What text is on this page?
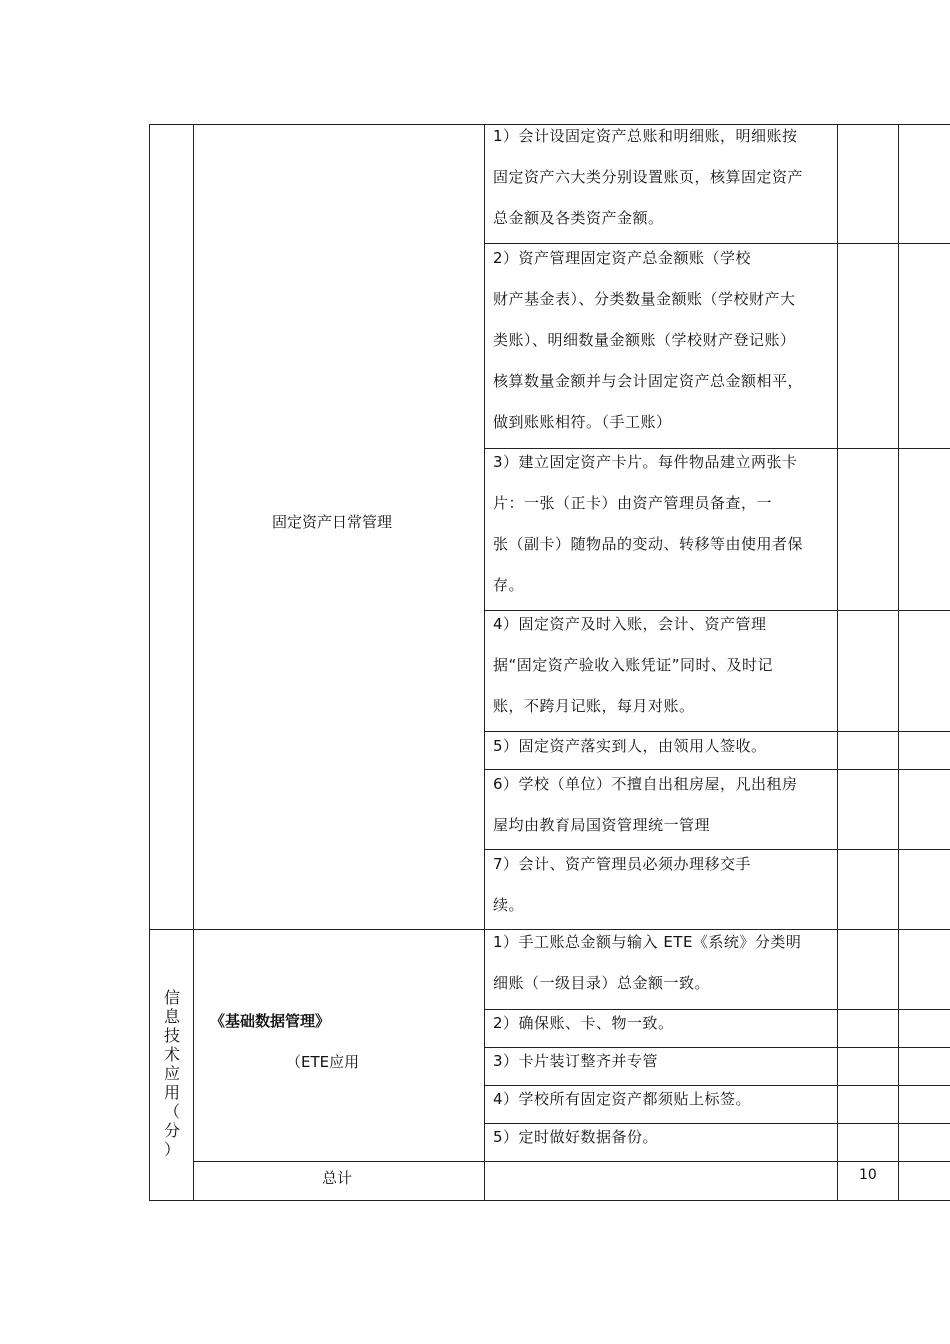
固定资产日常管理
1）会计设固定资产总账和明细账，明细账按
固定资产六大类分别设置账页，核算固定资产
总金额及各类资产金额。
2）资产管理固定资产总金额账（学校
财产基金表）、分类数量金额账（学校财产大
类账）、明细数量金额账（学校财产登记账）
核算数量金额并与会计固定资产总金额相平，
做到账账相符。（手工账）
3）建立固定资产卡片。每件物品建立两张卡
片：一张（正卡）由资产管理员备查，一
张（副卡）随物品的变动、转移等由使用者保
存。
4）固定资产及时入账，会计、资产管理
据“固定资产验收入账凭证”同时、及时记
账，不跨月记账，每月对账。
5）固定资产落实到人，由领用人签收。
6）学校（单位）不擅自出租房屋，凡出租房
屋均由教育局国资管理统一管理
7）会计、资产管理员必须办理移交手
续。
信
息
技
术
应
用
（
分
）
《基础数据管理》
（ETE应用
1）手工账总金额与输入 ETE《系统》分类明
细账（一级目录）总金额一致。
2）确保账、卡、物一致。
3）卡片装订整齐并专管
4）学校所有固定资产都须贴上标签。
5）定时做好数据备份。
总计	10
